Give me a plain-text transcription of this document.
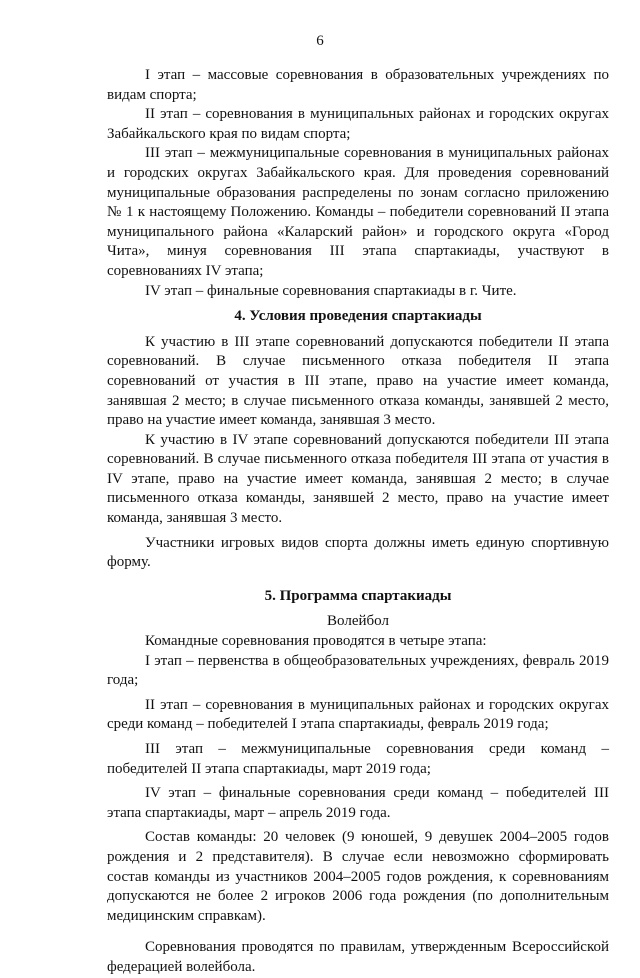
6

I этап – массовые соревнования в образовательных учреждениях по видам спорта;

II этап – соревнования в муниципальных районах и городских округах Забайкальского края по видам спорта;

III этап – межмуниципальные соревнования в муниципальных районах и городских округах Забайкальского края. Для проведения соревнований муниципальные образования распределены по зонам согласно приложению № 1 к настоящему Положению. Команды – победители соревнований II этапа муниципального района «Каларский район» и городского округа «Город Чита», минуя соревнования III этапа спартакиады, участвуют в соревнованиях IV этапа;

IV этап – финальные соревнования спартакиады в г. Чите.

4. Условия проведения спартакиады

К участию в III этапе соревнований допускаются победители II этапа соревнований. В случае письменного отказа победителя II этапа соревнований от участия в III этапе, право на участие имеет команда, занявшая 2 место; в случае письменного отказа команды, занявшей 2 место, право на участие имеет команда, занявшая 3 место.

К участию в IV этапе соревнований допускаются победители III этапа соревнований. В случае письменного отказа победителя III этапа от участия в IV этапе, право на участие имеет команда, занявшая 2 место; в случае письменного отказа команды, занявшей 2 место, право на участие имеет команда, занявшая 3 место.

Участники игровых видов спорта должны иметь единую спортивную форму.

5. Программа спартакиады

Волейбол

Командные соревнования проводятся в четыре этапа:

I этап – первенства в общеобразовательных учреждениях, февраль 2019 года;

II этап – соревнования в муниципальных районах и городских округах среди команд – победителей I этапа спартакиады, февраль 2019 года;

III этап – межмуниципальные соревнования среди команд – победителей II этапа спартакиады, март 2019 года;

IV этап – финальные соревнования среди команд – победителей III этапа спартакиады, март – апрель 2019 года.

Состав команды: 20 человек (9 юношей, 9 девушек 2004–2005 годов рождения и 2 представителя). В случае если невозможно сформировать состав команды из участников 2004–2005 годов рождения, к соревнованиям допускаются не более 2 игроков 2006 года рождения (по дополнительным медицинским справкам).

Соревнования проводятся по правилам, утвержденным Всероссийской федерацией волейбола.
